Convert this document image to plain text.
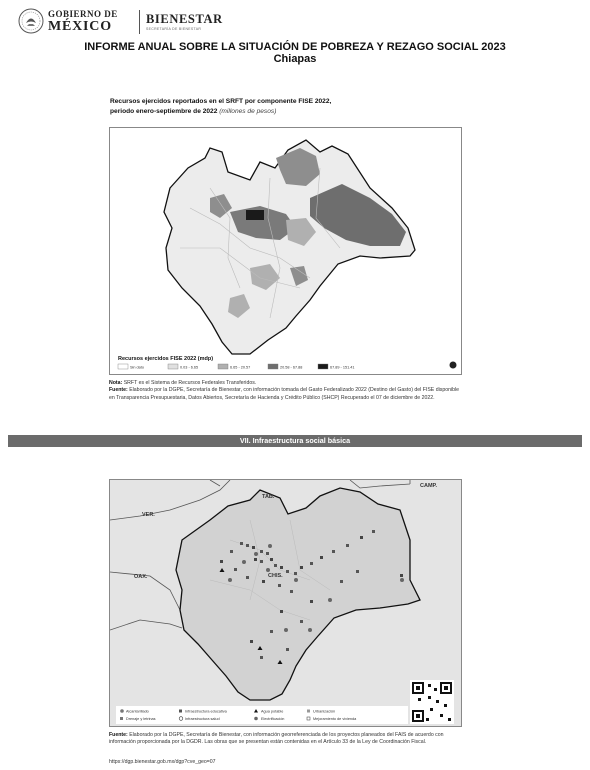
GOBIERNO DE
MÉXICO	BIENESTAR
SECRETARÍA DE BIENESTAR
INFORME ANUAL SOBRE LA SITUACIÓN DE POBREZA Y REZAGO SOCIAL 2023
Chiapas
Recursos ejercidos reportados en el SRFT por componente FISE 2022,
periodo enero-septiembre de 2022 (millones de pesos)
Recursos ejercidos FISE 2022 (mdp)
Sin dato	0.03 - 6.65	6.65 - 20.57	20.58 - 67.88	67.89 - 151.41
Nota: SRFT es el Sistema de Recursos Federales Transferidos.
Fuente: Elaborado por la DGPE, Secretaría de Bienestar, con información tomada del Gasto Federalizado 2022 (Destino del Gasto) del FISE disponible en Transparencia Presupuestaria, Datos Abiertos, Secretaría de Hacienda y Crédito Público (SHCP) Recuperado el 07 de diciembre de 2022.
VII. Infraestructura social básica
TAB.
VER.
OAX.
CAMP.
CHIS.
Alcantarillado	Infraestructura educativa	Agua potable	Urbanización
Drenaje y letrinas	Infraestructura salud	Electrificación	Mejoramiento de vivienda
Fuente: Elaborado por la DGPE, Secretaría de Bienestar, con información georreferenciada de los proyectos planeados del FAIS de acuerdo con información proporcionada por la DGDR. Las obras que se presentan están contenidas en el Artículo 33 de la Ley de Coordinación Fiscal.
https://dgp.bienestar.gob.mx/dgp?cve_geo=07
